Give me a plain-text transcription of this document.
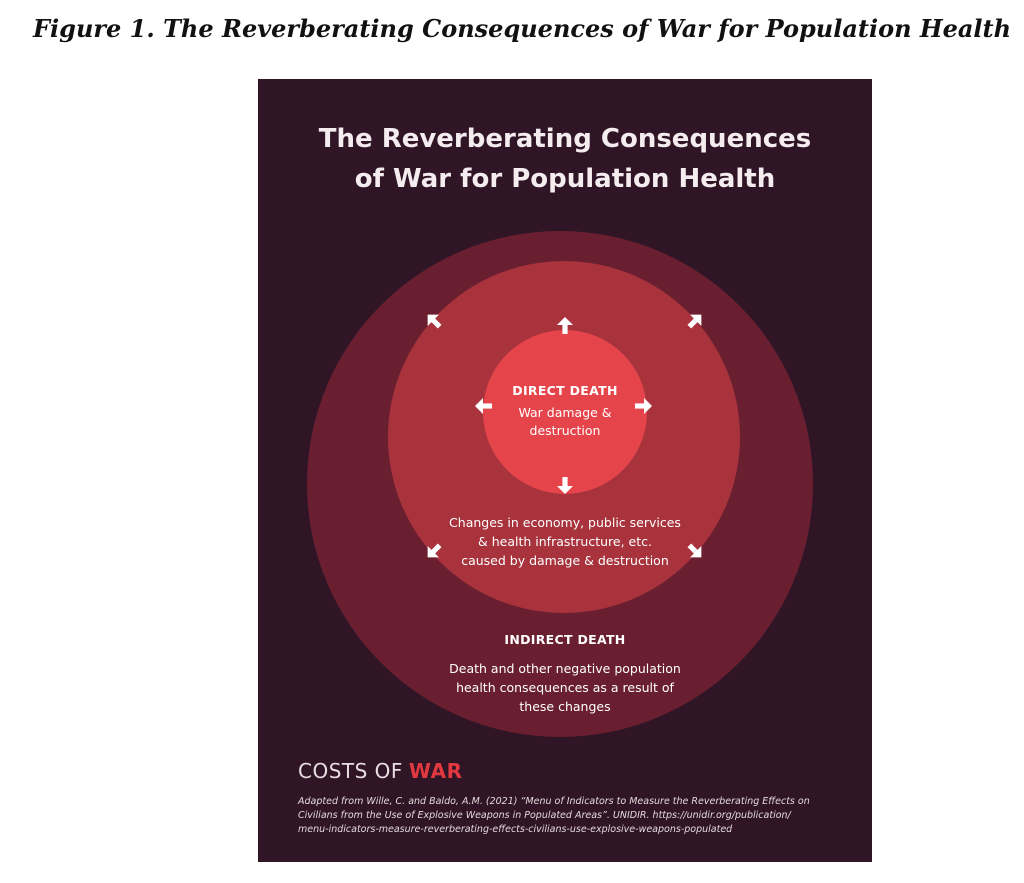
Figure 1. The Reverberating Consequences of War for Population Health
The Reverberating Consequences
of War for Population Health
DIRECT DEATH
War damage &
destruction
Changes in economy, public services
& health infrastructure, etc.
caused by damage & destruction
INDIRECT DEATH
Death and other negative population
health consequences as a result of
these changes
COSTS OF WAR
Adapted from Wille, C. and Baldo, A.M. (2021) “Menu of Indicators to Measure the Reverberating Effects on
Civilians from the Use of Explosive Weapons in Populated Areas”. UNIDIR. https://unidir.org/publication/
menu-indicators-measure-reverberating-effects-civilians-use-explosive-weapons-populated
